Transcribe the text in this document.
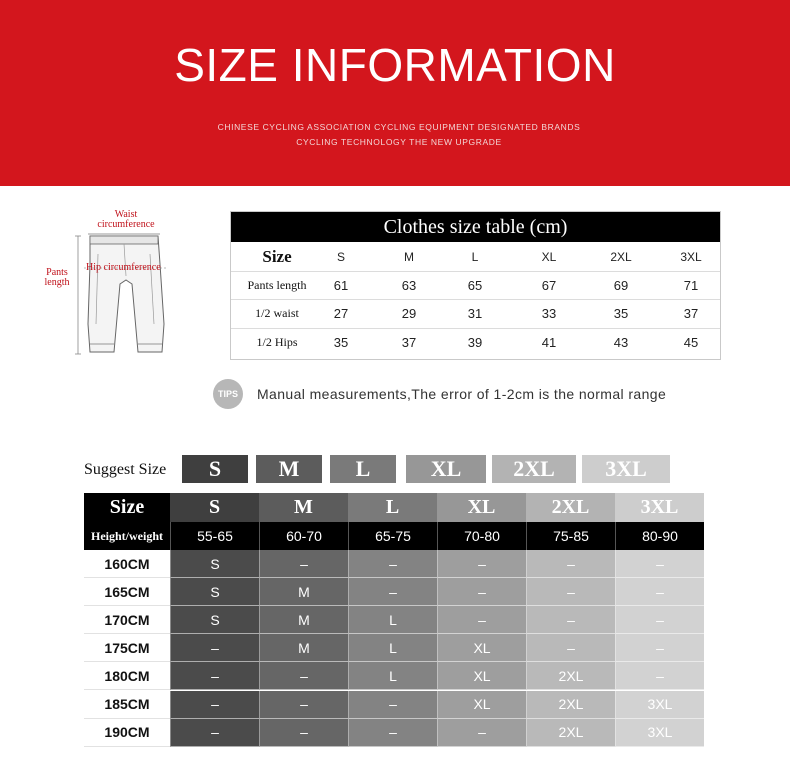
SIZE INFORMATION
CHINESE CYCLING ASSOCIATION CYCLING EQUIPMENT DESIGNATED BRANDS
CYCLING TECHNOLOGY THE NEW UPGRADE
Waist
circumference
Hip circumference
Pants
length
Clothes size table (cm)
Size	S	M	L	XL	2XL	3XL
Pants length	61	63	65	67	69	71
1/2 waist	27	29	31	33	35	37
1/2 Hips	35	37	39	41	43	45
TIPS	Manual measurements,The error of 1-2cm is the normal range
Suggest Size	S	M	L	XL	2XL	3XL
Size	S	M	L	XL	2XL	3XL
Height/weight	55-65	60-70	65-75	70-80	75-85	80-90
160CM	S	–	–	–	–	–
165CM	S	M	–	–	–	–
170CM	S	M	L	–	–	–
175CM	–	M	L	XL	–	–
180CM	–	–	L	XL	2XL	–
185CM	–	–	–	XL	2XL	3XL
190CM	–	–	–	–	2XL	3XL
